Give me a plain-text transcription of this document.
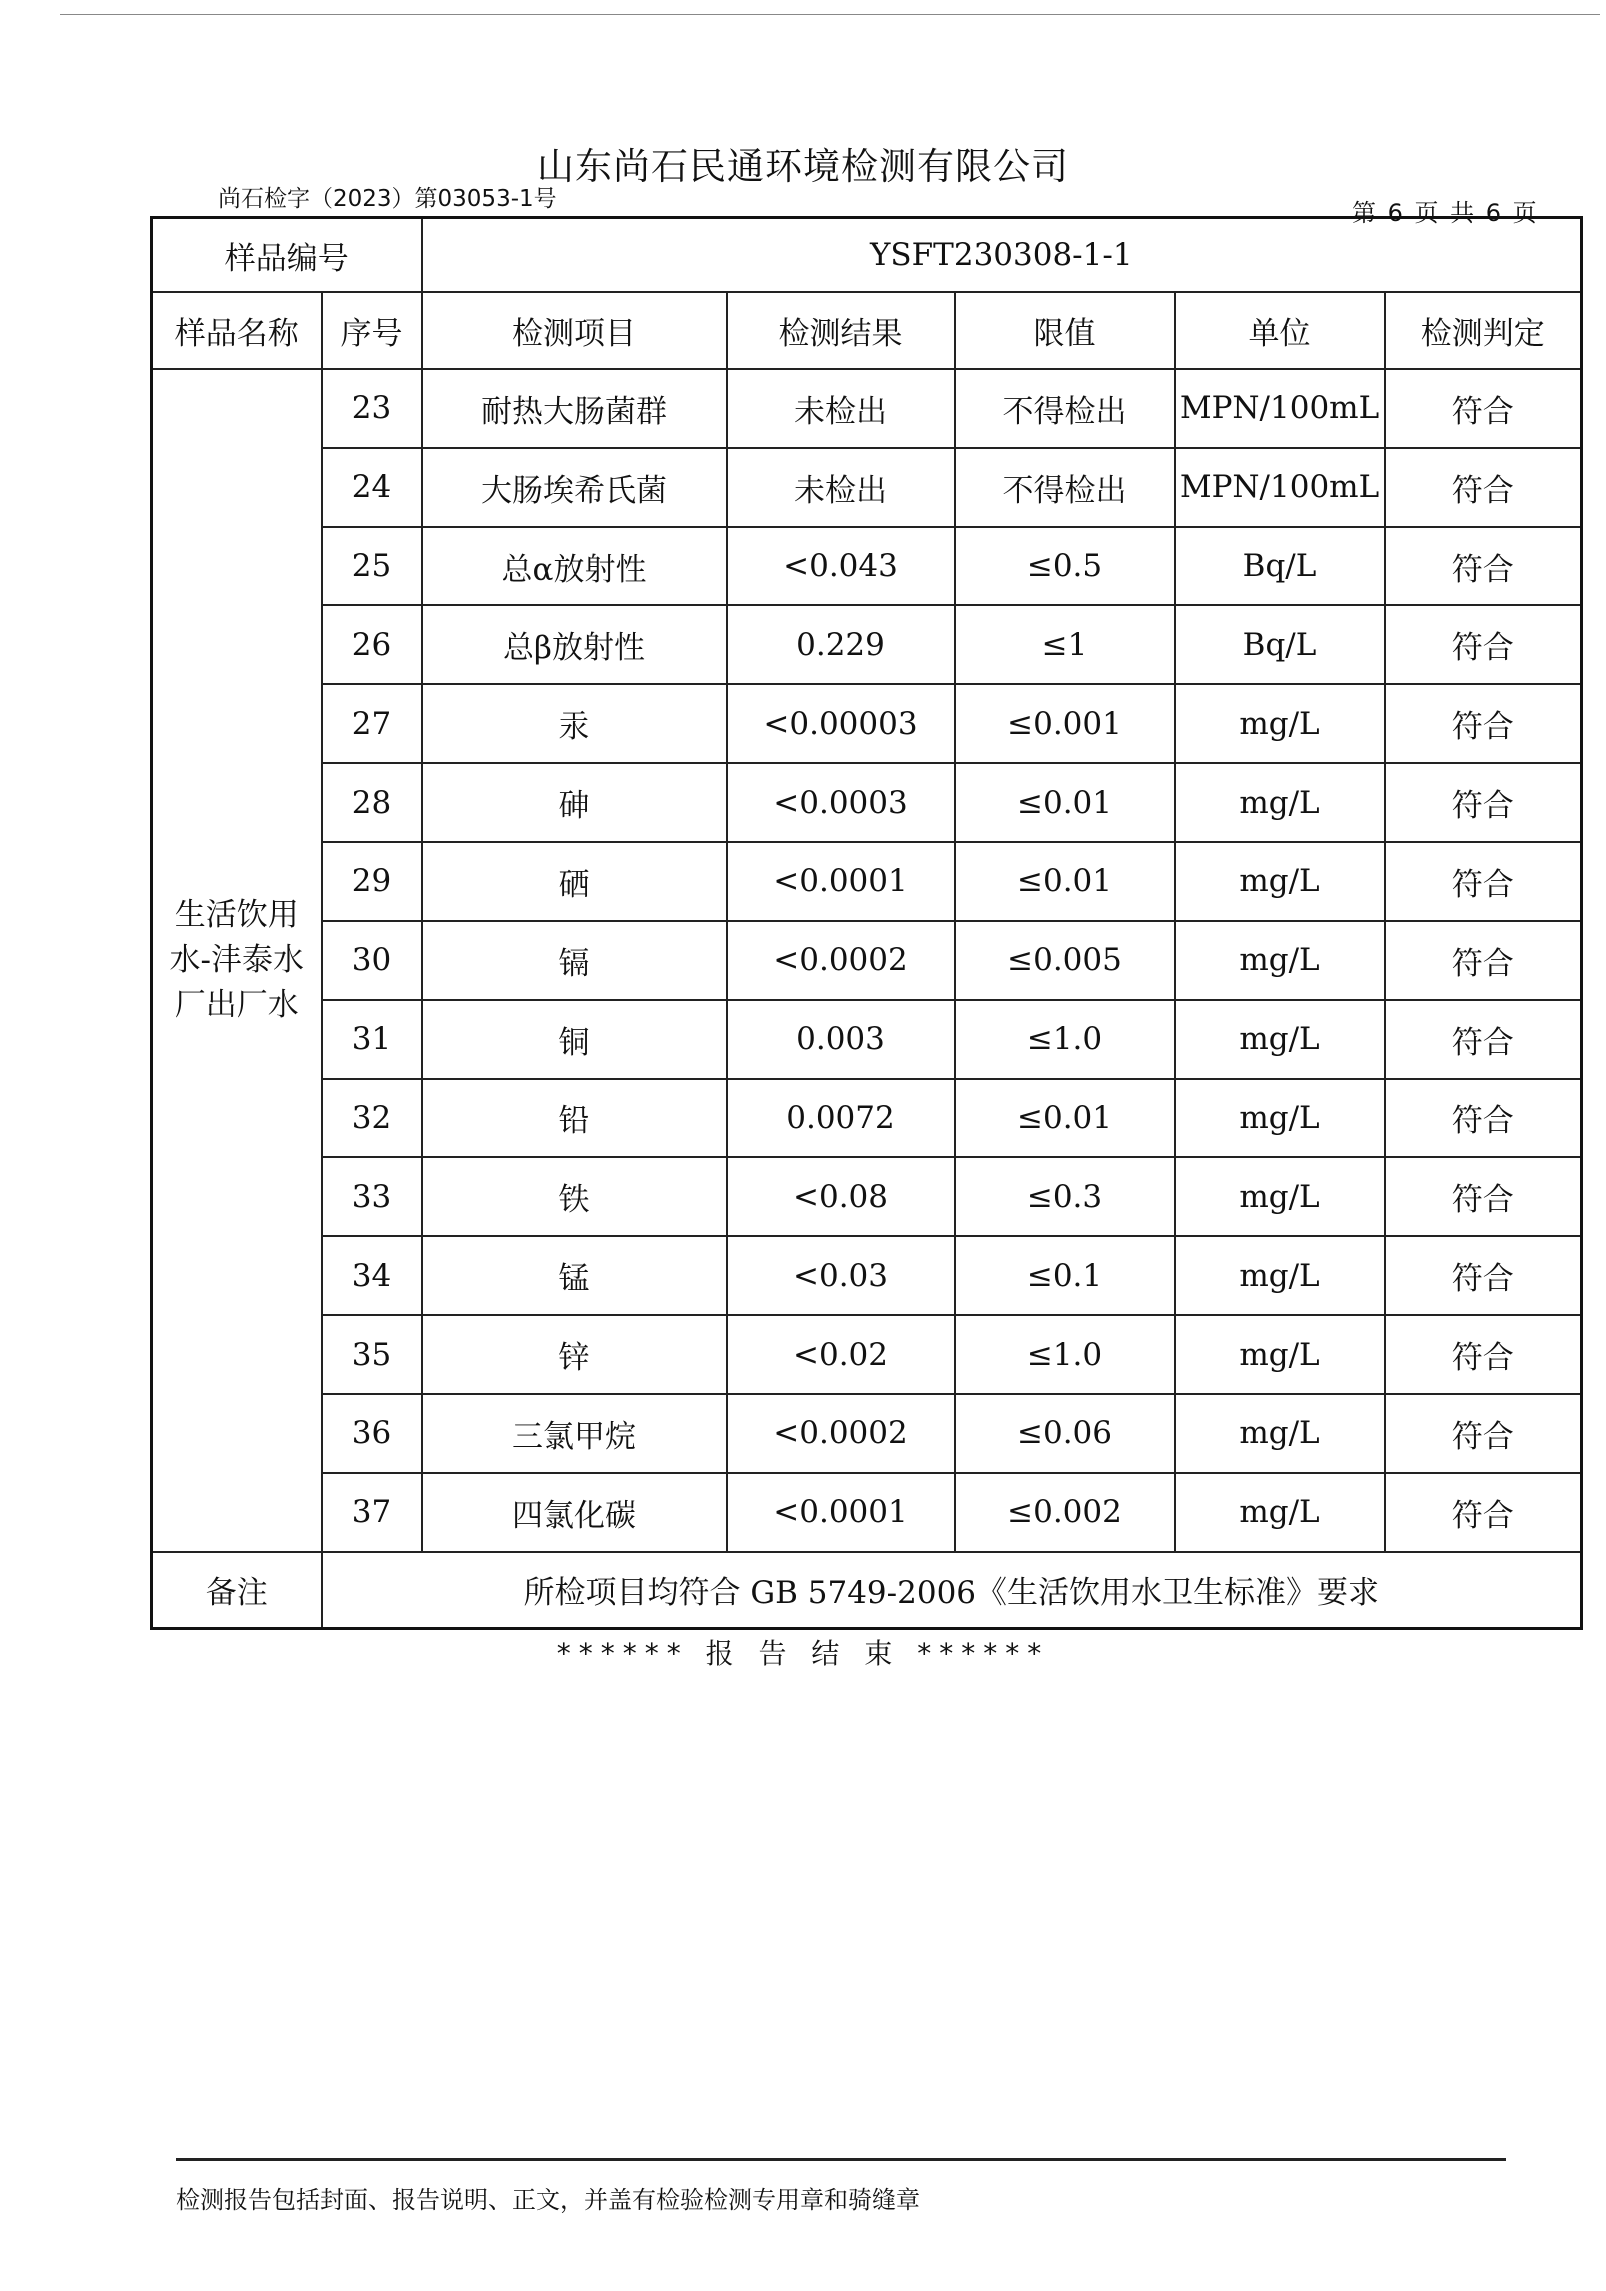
山东尚石民通环境检测有限公司
尚石检字（2023）第03053-1号	第 6 页 共 6 页
样品编号		YSFT230308-1-1				
样品名称	序号	检测项目	检测结果	限值	单位	检测判定
生活饮用水-沣泰水厂出厂水	23	耐热大肠菌群	未检出	不得检出	MPN/100mL	符合
	24	大肠埃希氏菌	未检出	不得检出	MPN/100mL	符合
	25	总α放射性	<0.043	≤0.5	Bq/L	符合
	26	总β放射性	0.229	≤1	Bq/L	符合
	27	汞	<0.00003	≤0.001	mg/L	符合
	28	砷	<0.0003	≤0.01	mg/L	符合
	29	硒	<0.0001	≤0.01	mg/L	符合
	30	镉	<0.0002	≤0.005	mg/L	符合
	31	铜	0.003	≤1.0	mg/L	符合
	32	铅	0.0072	≤0.01	mg/L	符合
	33	铁	<0.08	≤0.3	mg/L	符合
	34	锰	<0.03	≤0.1	mg/L	符合
	35	锌	<0.02	≤1.0	mg/L	符合
	36	三氯甲烷	<0.0002	≤0.06	mg/L	符合
	37	四氯化碳	<0.0001	≤0.002	mg/L	符合
备注	所检项目均符合 GB 5749-2006《生活饮用水卫生标准》要求					
****** 报 告 结 束 ******
检测报告包括封面、报告说明、正文，并盖有检验检测专用章和骑缝章
